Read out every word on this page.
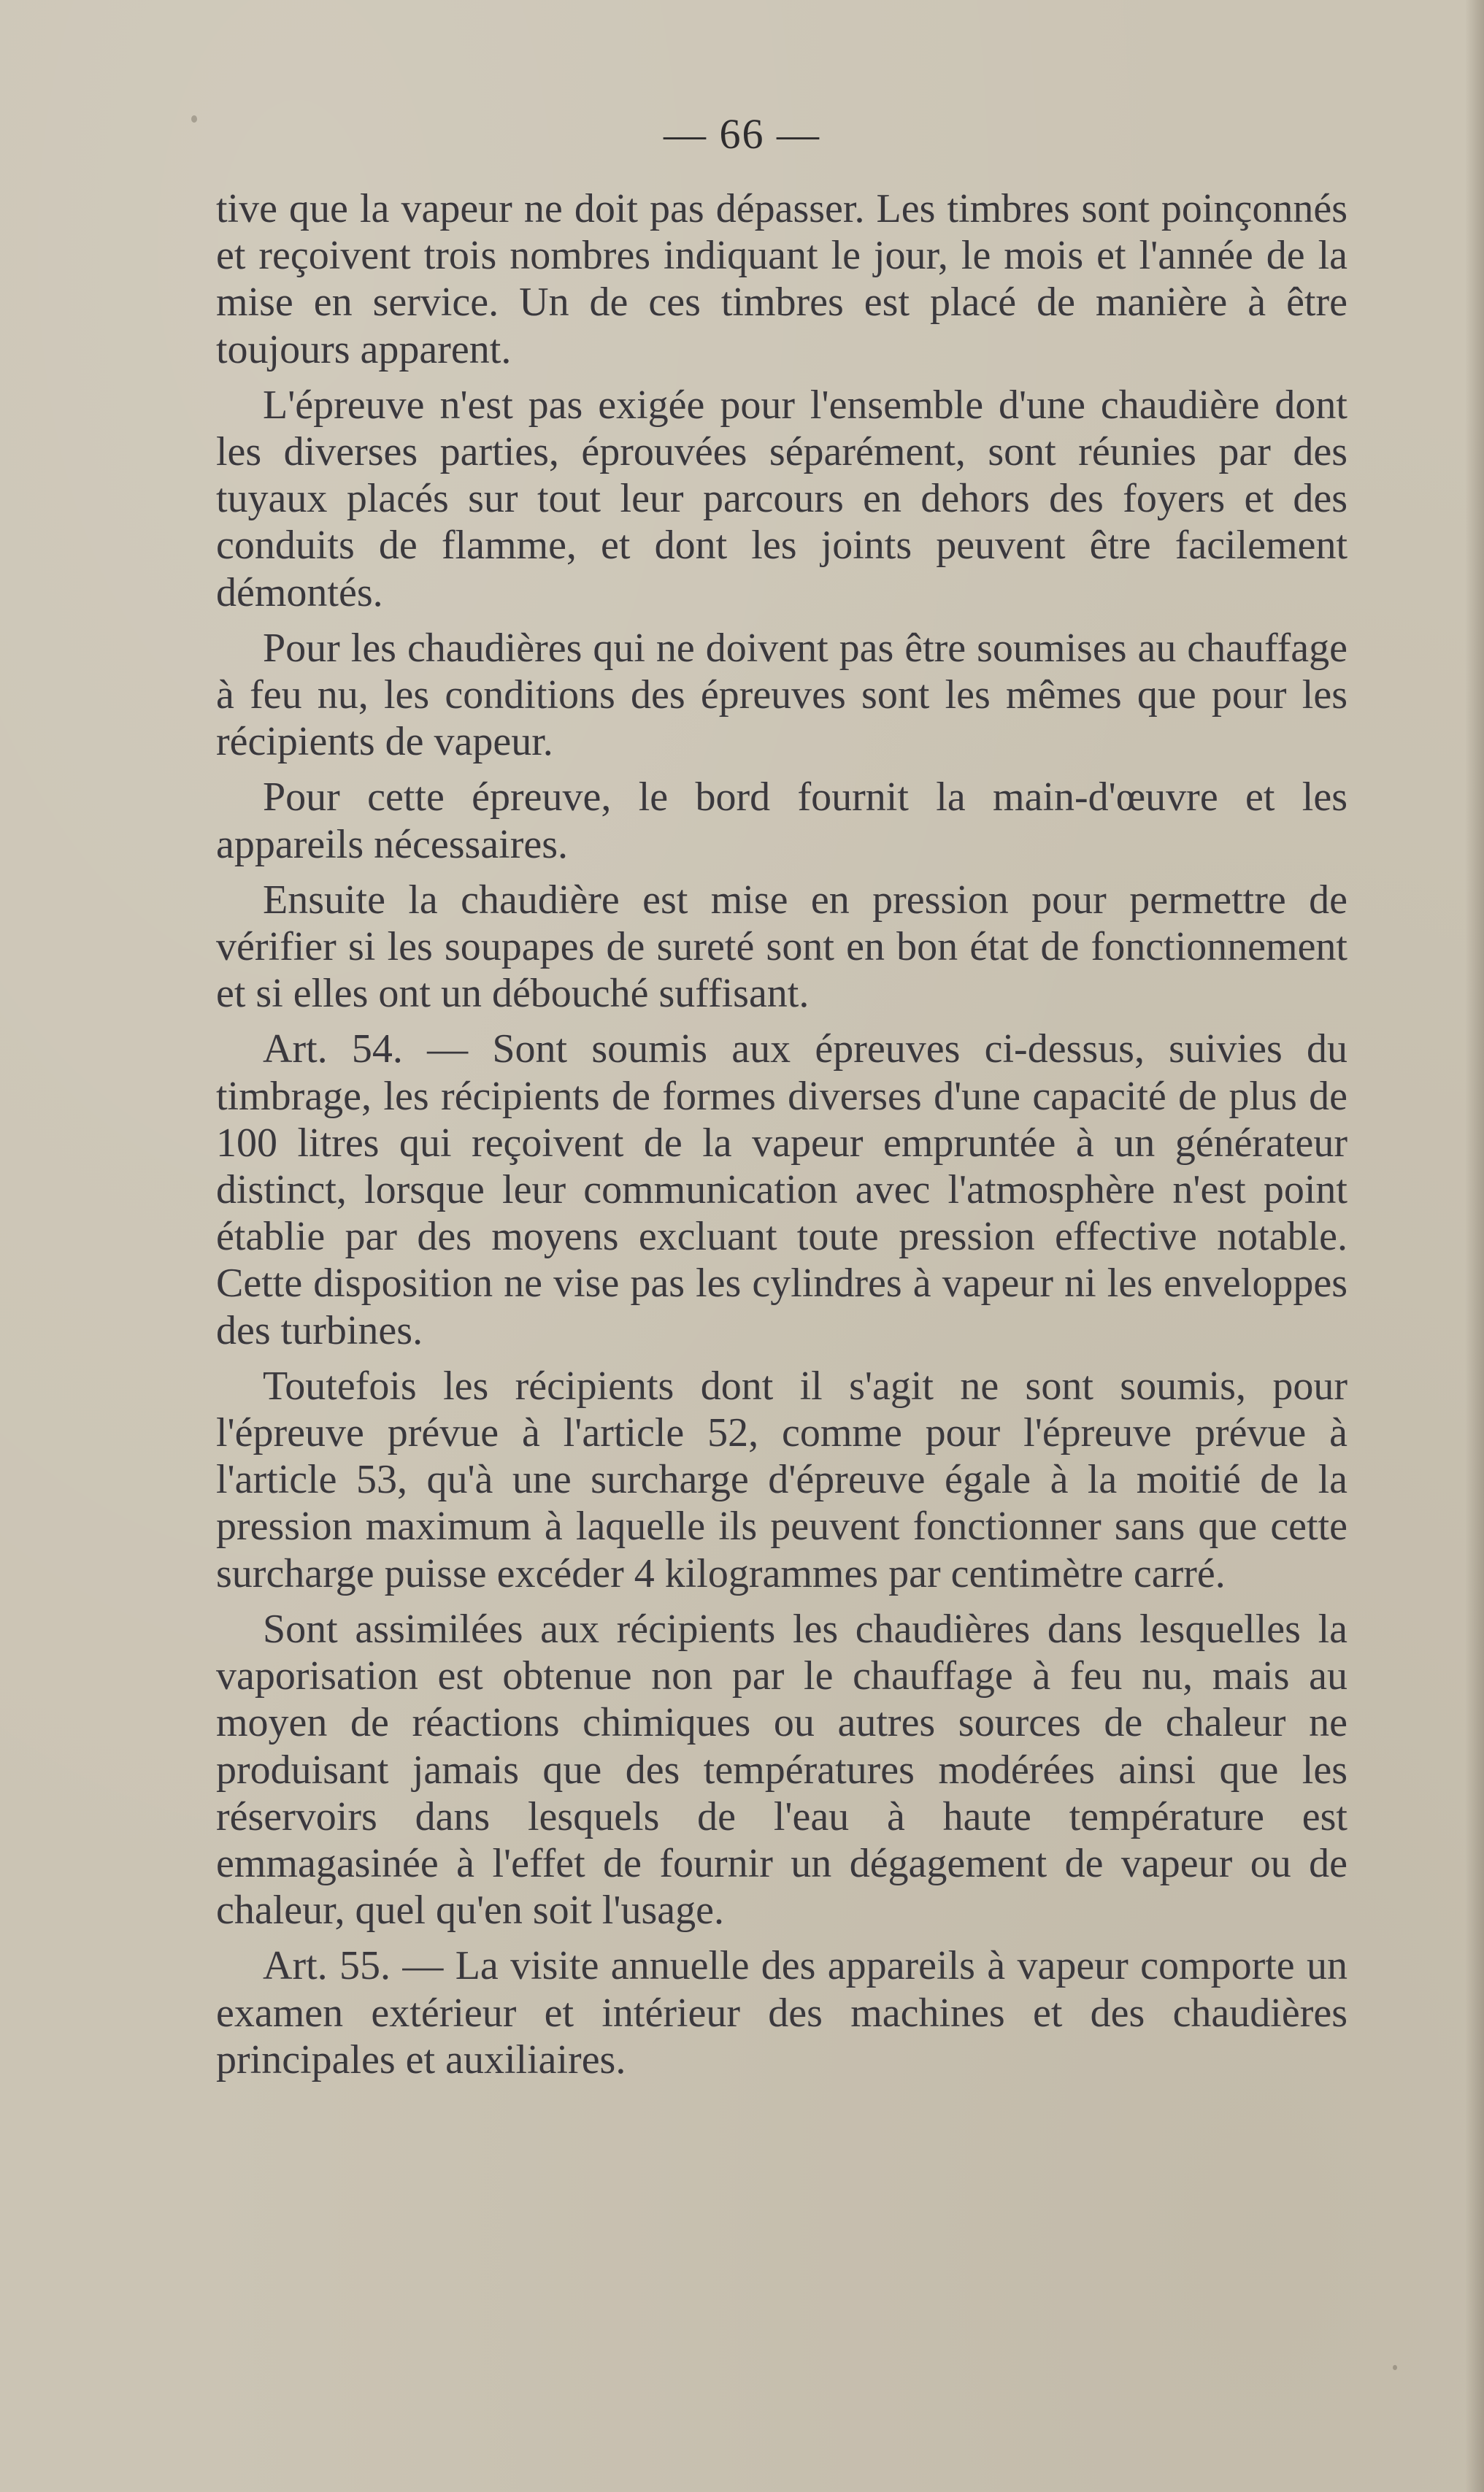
— 66 —

tive que la vapeur ne doit pas dépasser. Les timbres sont poinçonnés et reçoivent trois nombres indiquant le jour, le mois et l'année de la mise en service. Un de ces timbres est placé de manière à être toujours apparent.

L'épreuve n'est pas exigée pour l'ensemble d'une chaudière dont les diverses parties, éprouvées séparément, sont réunies par des tuyaux placés sur tout leur parcours en dehors des foyers et des conduits de flamme, et dont les joints peuvent être facilement démontés.

Pour les chaudières qui ne doivent pas être soumises au chauffage à feu nu, les conditions des épreuves sont les mêmes que pour les récipients de vapeur.

Pour cette épreuve, le bord fournit la main-d'œuvre et les appareils nécessaires.

Ensuite la chaudière est mise en pression pour permettre de vérifier si les soupapes de sureté sont en bon état de fonctionnement et si elles ont un débouché suffisant.

Art. 54. — Sont soumis aux épreuves ci-dessus, suivies du timbrage, les récipients de formes diverses d'une capacité de plus de 100 litres qui reçoivent de la vapeur empruntée à un générateur distinct, lorsque leur communication avec l'atmosphère n'est point établie par des moyens excluant toute pression effective notable. Cette disposition ne vise pas les cylindres à vapeur ni les enveloppes des turbines.

Toutefois les récipients dont il s'agit ne sont soumis, pour l'épreuve prévue à l'article 52, comme pour l'épreuve prévue à l'article 53, qu'à une surcharge d'épreuve égale à la moitié de la pression maximum à laquelle ils peuvent fonctionner sans que cette surcharge puisse excéder 4 kilogrammes par centimètre carré.

Sont assimilées aux récipients les chaudières dans lesquelles la vaporisation est obtenue non par le chauffage à feu nu, mais au moyen de réactions chimiques ou autres sources de chaleur ne produisant jamais que des températures modérées ainsi que les réservoirs dans lesquels de l'eau à haute température est emmagasinée à l'effet de fournir un dégagement de vapeur ou de chaleur, quel qu'en soit l'usage.

Art. 55. — La visite annuelle des appareils à vapeur comporte un examen extérieur et intérieur des machines et des chaudières principales et auxiliaires.
